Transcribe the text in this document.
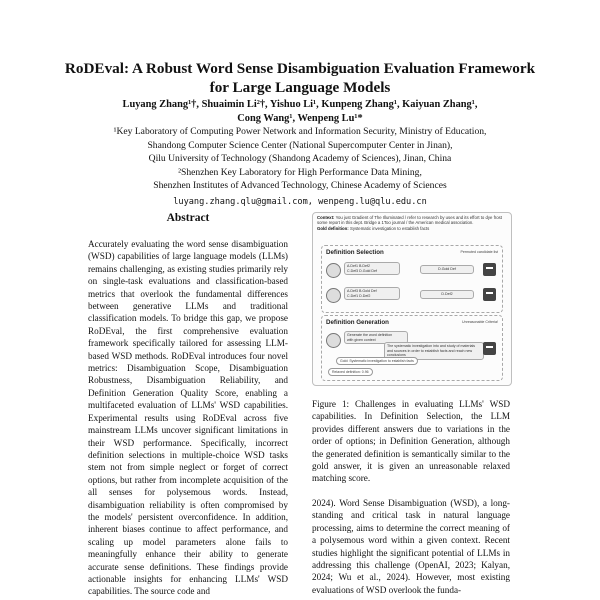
RoDEval: A Robust Word Sense Disambiguation Evaluation Framework
for Large Language Models
Luyang Zhang¹†, Shuaimin Li²†, Yishuo Li¹, Kunpeng Zhang¹, Kaiyuan Zhang¹,
Cong Wang¹, Wenpeng Lu¹*
¹Key Laboratory of Computing Power Network and Information Security, Ministry of Education,
Shandong Computer Science Center (National Supercomputer Center in Jinan),
Qilu University of Technology (Shandong Academy of Sciences), Jinan, China
²Shenzhen Key Laboratory for High Performance Data Mining,
Shenzhen Institutes of Advanced Technology, Chinese Academy of Sciences
luyang.zhang.qlu@gmail.com, wenpeng.lu@qlu.edu.cn
Abstract
Accurately evaluating the word sense disambiguation (WSD) capabilities of large language models (LLMs) remains challenging, as existing studies primarily rely on single-task evaluations and classification-based metrics that overlook the fundamental differences between generative LLMs and traditional classification models. To bridge this gap, we propose RoDEval, the first comprehensive evaluation framework specifically tailored for assessing LLM-based WSD methods. RoDEval introduces four novel metrics: Disambiguation Scope, Disambiguation Robustness, Disambiguation Reliability, and Definition Generation Quality Score, enabling a multifaceted evaluation of LLMs' WSD capabilities. Experimental results using RoDEval across five mainstream LLMs uncover significant limitations in their WSD performance. Specifically, incorrect definition selections in multiple-choice WSD tasks stem not from simple neglect or forget of correct options, but rather from incomplete acquisition of the all senses for polysemous words. Instead, disambiguation reliability is often compromised by the models' persistent overconfidence. In addition, inherent biases continue to affect performance, and scaling up model parameters alone fails to meaningfully enhance their ability to generate accurate sense definitions. These findings provide actionable insights for enhancing LLMs' WSD capabilities. The source code and
Context: You just Gradient of The Illuminated / refer to research by uses and its effort to dye frost some report in this dept. Bridge a 1Too journal / the American medical association.
Gold definition: Systematic investigation to establish facts
Definition Selection	Permuted candidate list
A.Def1 B.Def2
C.Def3 D.Gold Def	D.Gold Def
A.Def3 B.Gold Def
C.Def1 D.Def2	D.Def2
Definition Generation	Unreasonable Criteria!
Generate the word definition
with given context
The systematic investigation into and study of materials and sources in order to establish facts and reach new conclusions
Gold: Systematic investigation to establish facts
Relaxed definition: 0.96
Figure 1: Challenges in evaluating LLMs' WSD capabilities. In Definition Selection, the LLM provides different answers due to variations in the order of options; in Definition Generation, although the generated definition is semantically similar to the gold answer, it is given an unreasonable relaxed matching score.
2024). Word Sense Disambiguation (WSD), a long-standing and critical task in natural language processing, aims to determine the correct meaning of a polysemous word within a given context. Recent studies highlight the significant potential of LLMs in addressing this challenge (OpenAI, 2023; Kalyan, 2024; Wu et al., 2024). However, most existing evaluations of WSD overlook the funda-
